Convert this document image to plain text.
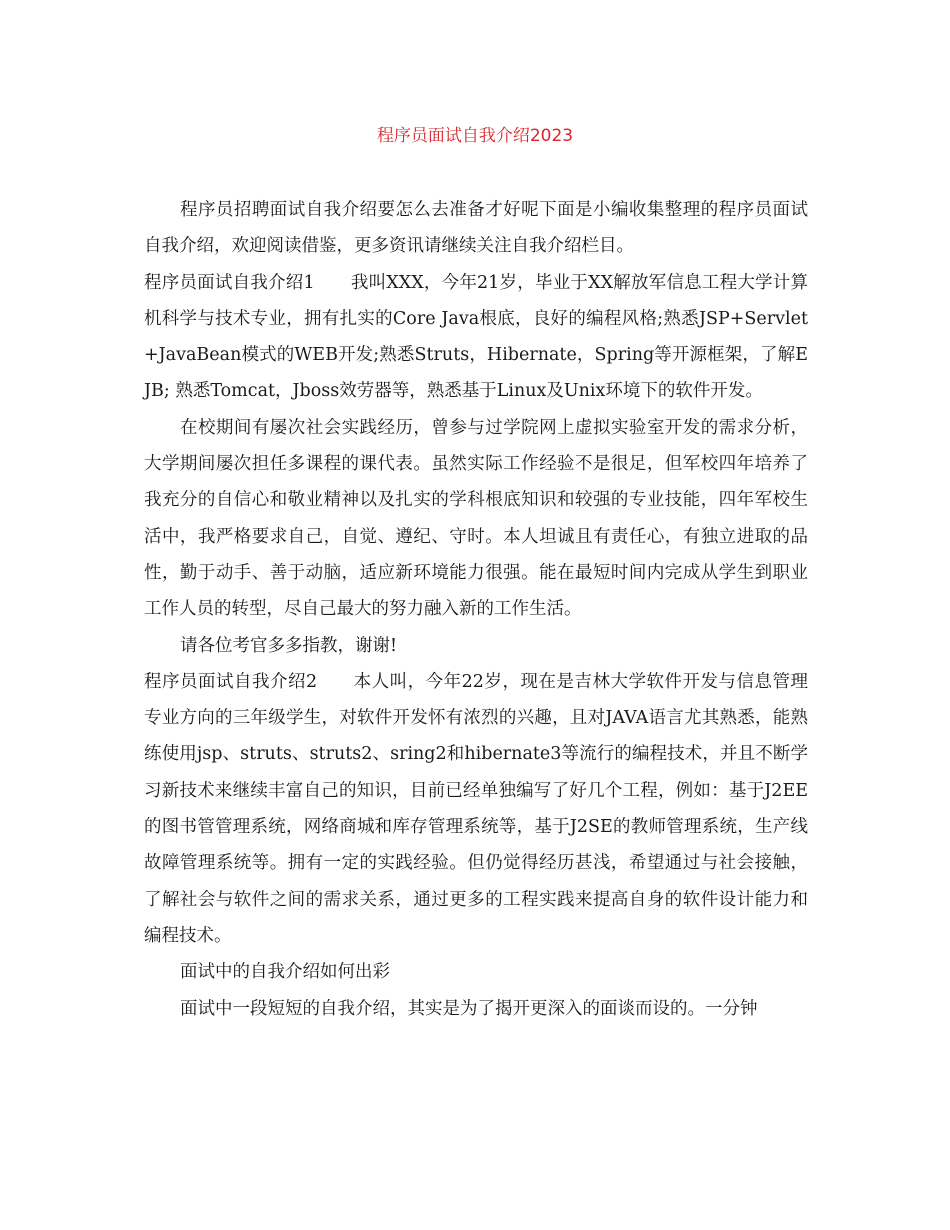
程序员面试自我介绍2023

程序员招聘面试自我介绍要怎么去准备才好呢下面是小编收集整理的程序员面试自我介绍，欢迎阅读借鉴，更多资讯请继续关注自我介绍栏目。

程序员面试自我介绍1 我叫XXX，今年21岁，毕业于XX解放军信息工程大学计算机科学与技术专业，拥有扎实的Core Java根底，良好的编程风格;熟悉JSP+Servlet+JavaBean模式的WEB开发;熟悉Struts，Hibernate，Spring等开源框架，了解EJB; 熟悉Tomcat，Jboss效劳器等，熟悉基于Linux及Unix环境下的软件开发。

在校期间有屡次社会实践经历，曾参与过学院网上虚拟实验室开发的需求分析，大学期间屡次担任多课程的课代表。虽然实际工作经验不是很足，但军校四年培养了我充分的自信心和敬业精神以及扎实的学科根底知识和较强的专业技能，四年军校生活中，我严格要求自己，自觉、遵纪、守时。本人坦诚且有责任心，有独立进取的品性，勤于动手、善于动脑，适应新环境能力很强。能在最短时间内完成从学生到职业工作人员的转型，尽自己最大的努力融入新的工作生活。

请各位考官多多指教，谢谢!

程序员面试自我介绍2 本人叫，今年22岁，现在是吉林大学软件开发与信息管理专业方向的三年级学生，对软件开发怀有浓烈的兴趣，且对JAVA语言尤其熟悉，能熟练使用jsp、struts、struts2、sring2和hibernate3等流行的编程技术，并且不断学习新技术来继续丰富自己的知识，目前已经单独编写了好几个工程，例如：基于J2EE的图书管管理系统，网络商城和库存管理系统等，基于J2SE的教师管理系统，生产线故障管理系统等。拥有一定的实践经验。但仍觉得经历甚浅，希望通过与社会接触，了解社会与软件之间的需求关系，通过更多的工程实践来提高自身的软件设计能力和编程技术。

面试中的自我介绍如何出彩

面试中一段短短的自我介绍，其实是为了揭开更深入的面谈而设的。一分钟
